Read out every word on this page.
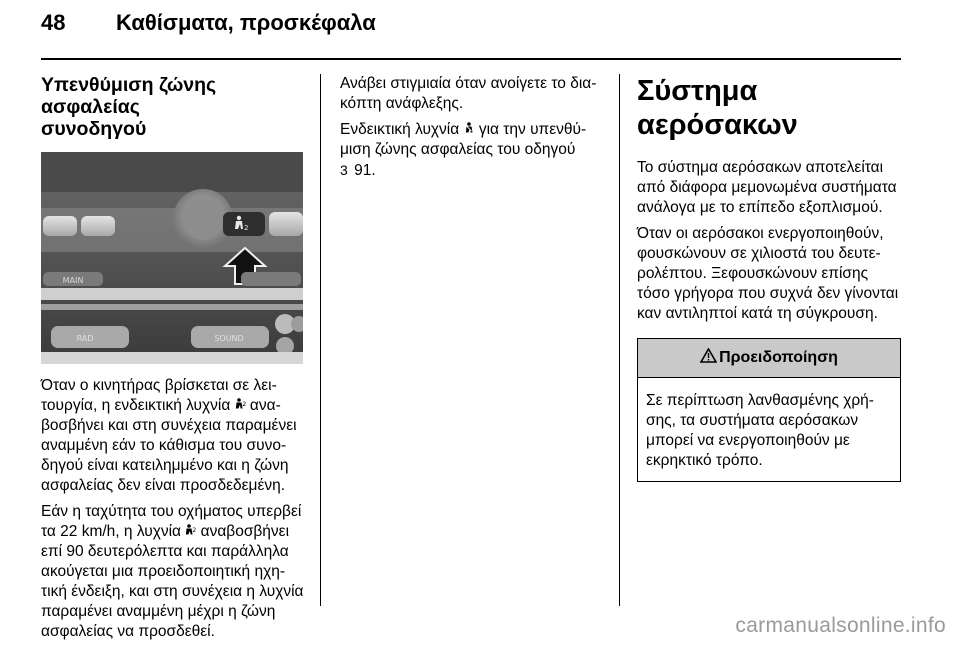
48 Καθίσματα, προσκέφαλα
Υπενθύμιση ζώνης ασφαλείας
συνοδηγού
2
MAIN
RAD	SOUND

Όταν ο κινητήρας βρίσκεται σε λει-τουργία, η ενδεικτική λυχνία 2 ανα-βοσβήνει και στη συνέχεια παραμένει αναμμένη εάν το κάθισμα του συνο-δηγού είναι κατειλημμένο και η ζώνη ασφαλείας δεν είναι προσδεδεμένη.

Εάν η ταχύτητα του οχήματος υπερβεί τα 22 km/h, η λυχνία 2 αναβοσβήνει επί 90 δευτερόλεπτα και παράλληλα ακούγεται μια προειδοποιητική ηχη-τική ένδειξη, και στη συνέχεια η λυχνία παραμένει αναμμένη μέχρι η ζώνη ασφαλείας να προσδεθεί.

Ανάβει στιγμιαία όταν ανοίγετε το δια-κόπτη ανάφλεξης.

Ενδεικτική λυχνία  για την υπενθύ-μιση ζώνης ασφαλείας του οδηγού
3 91.

Σύστημα αερόσακων

Το σύστημα αερόσακων αποτελείται από διάφορα μεμονωμένα συστήματα ανάλογα με το επίπεδο εξοπλισμού.

Όταν οι αερόσακοι ενεργοποιηθούν, φουσκώνουν σε χιλιοστά του δευτε-ρολέπτου. Ξεφουσκώνουν επίσης τόσο γρήγορα που συχνά δεν γίνονται καν αντιληπτοί κατά τη σύγκρουση.

Προειδοποίηση
Σε περίπτωση λανθασμένης χρή-σης, τα συστήματα αερόσακων μπορεί να ενεργοποιηθούν με εκρηκτικό τρόπο.
carmanualsonline.info
